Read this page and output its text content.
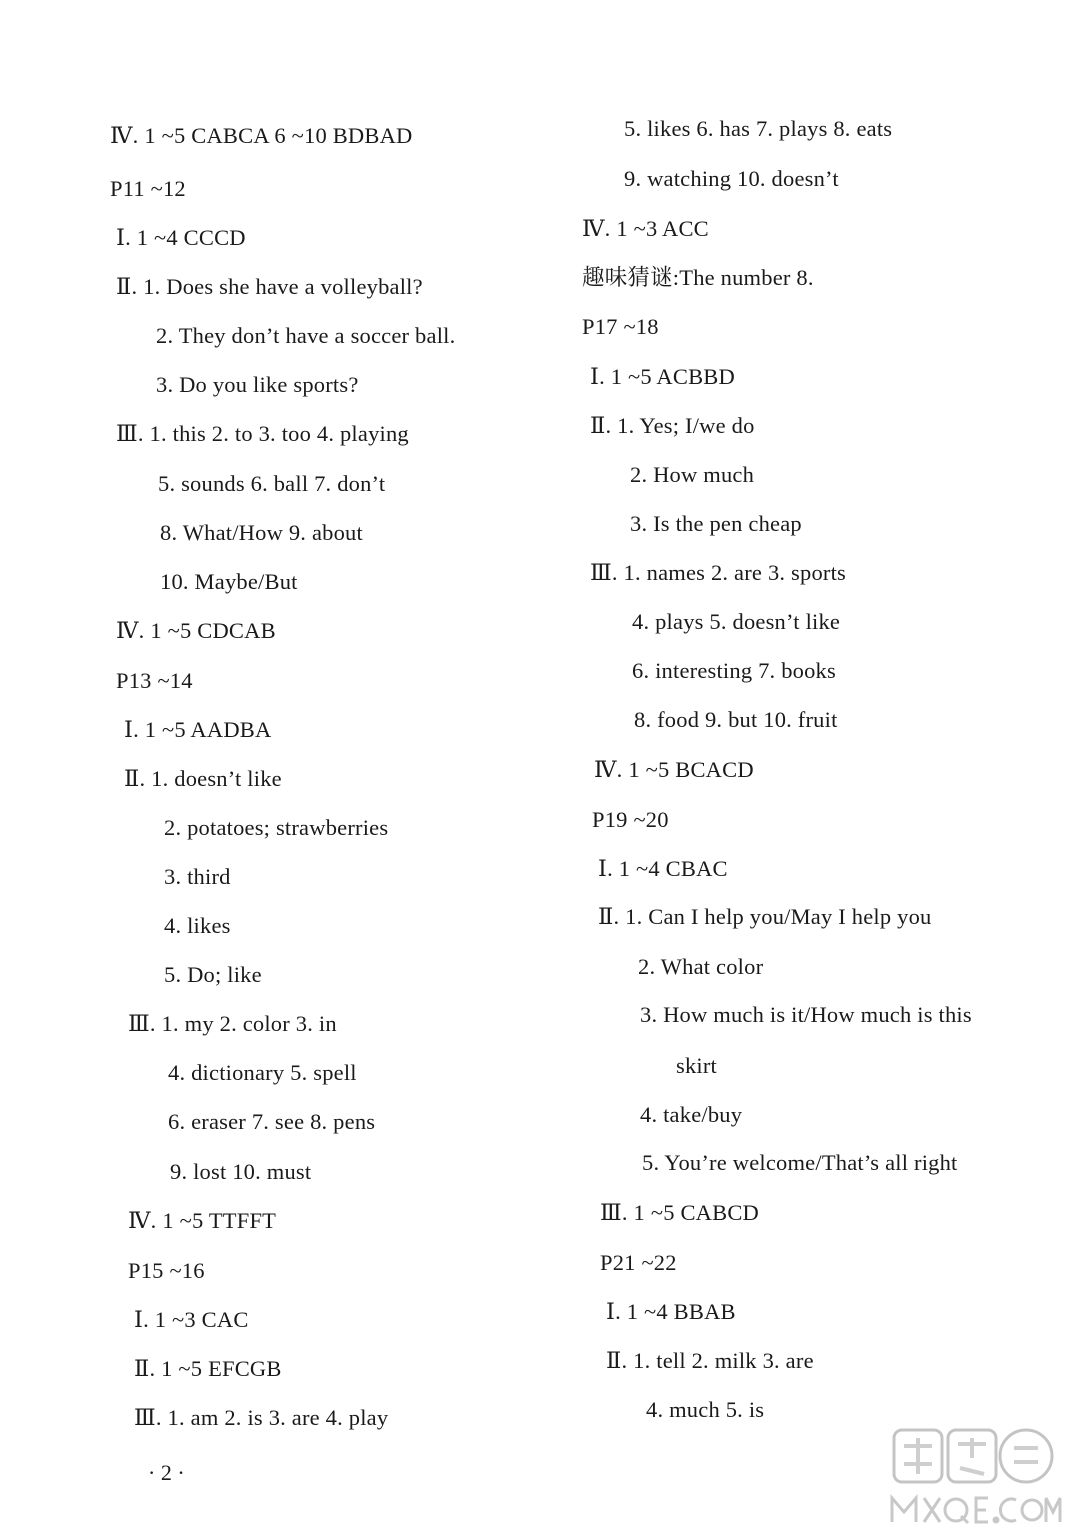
Ⅳ. 1 ~5 CABCA 6 ~10 BDBAD
P11 ~12
Ⅰ. 1 ~4 CCCD
Ⅱ. 1. Does she have a volleyball?
2. They don’t have a soccer ball.
3. Do you like sports?
Ⅲ. 1. this 2. to 3. too 4. playing
5. sounds 6. ball 7. don’t
8. What/How 9. about
10. Maybe/But
Ⅳ. 1 ~5 CDCAB
P13 ~14
Ⅰ. 1 ~5 AADBA
Ⅱ. 1. doesn’t like
2. potatoes; strawberries
3. third
4. likes
5. Do; like
Ⅲ. 1. my 2. color 3. in
4. dictionary 5. spell
6. eraser 7. see 8. pens
9. lost 10. must
Ⅳ. 1 ~5 TTFFT
P15 ~16
Ⅰ. 1 ~3 CAC
Ⅱ. 1 ~5 EFCGB
Ⅲ. 1. am 2. is 3. are 4. play
5. likes 6. has 7. plays 8. eats
9. watching 10. doesn’t
Ⅳ. 1 ~3 ACC
趣味猜谜:The number 8.
P17 ~18
Ⅰ. 1 ~5 ACBBD
Ⅱ. 1. Yes; I/we do
2. How much
3. Is the pen cheap
Ⅲ. 1. names 2. are 3. sports
4. plays 5. doesn’t like
6. interesting 7. books
8. food 9. but 10. fruit
Ⅳ. 1 ~5 BCACD
P19 ~20
Ⅰ. 1 ~4 CBAC
Ⅱ. 1. Can I help you/May I help you
2. What color
3. How much is it/How much is this
skirt
4. take/buy
5. You’re welcome/That’s all right
Ⅲ. 1 ~5 CABCD
P21 ~22
Ⅰ. 1 ~4 BBAB
Ⅱ. 1. tell 2. milk 3. are
4. much 5. is
· 2 ·
